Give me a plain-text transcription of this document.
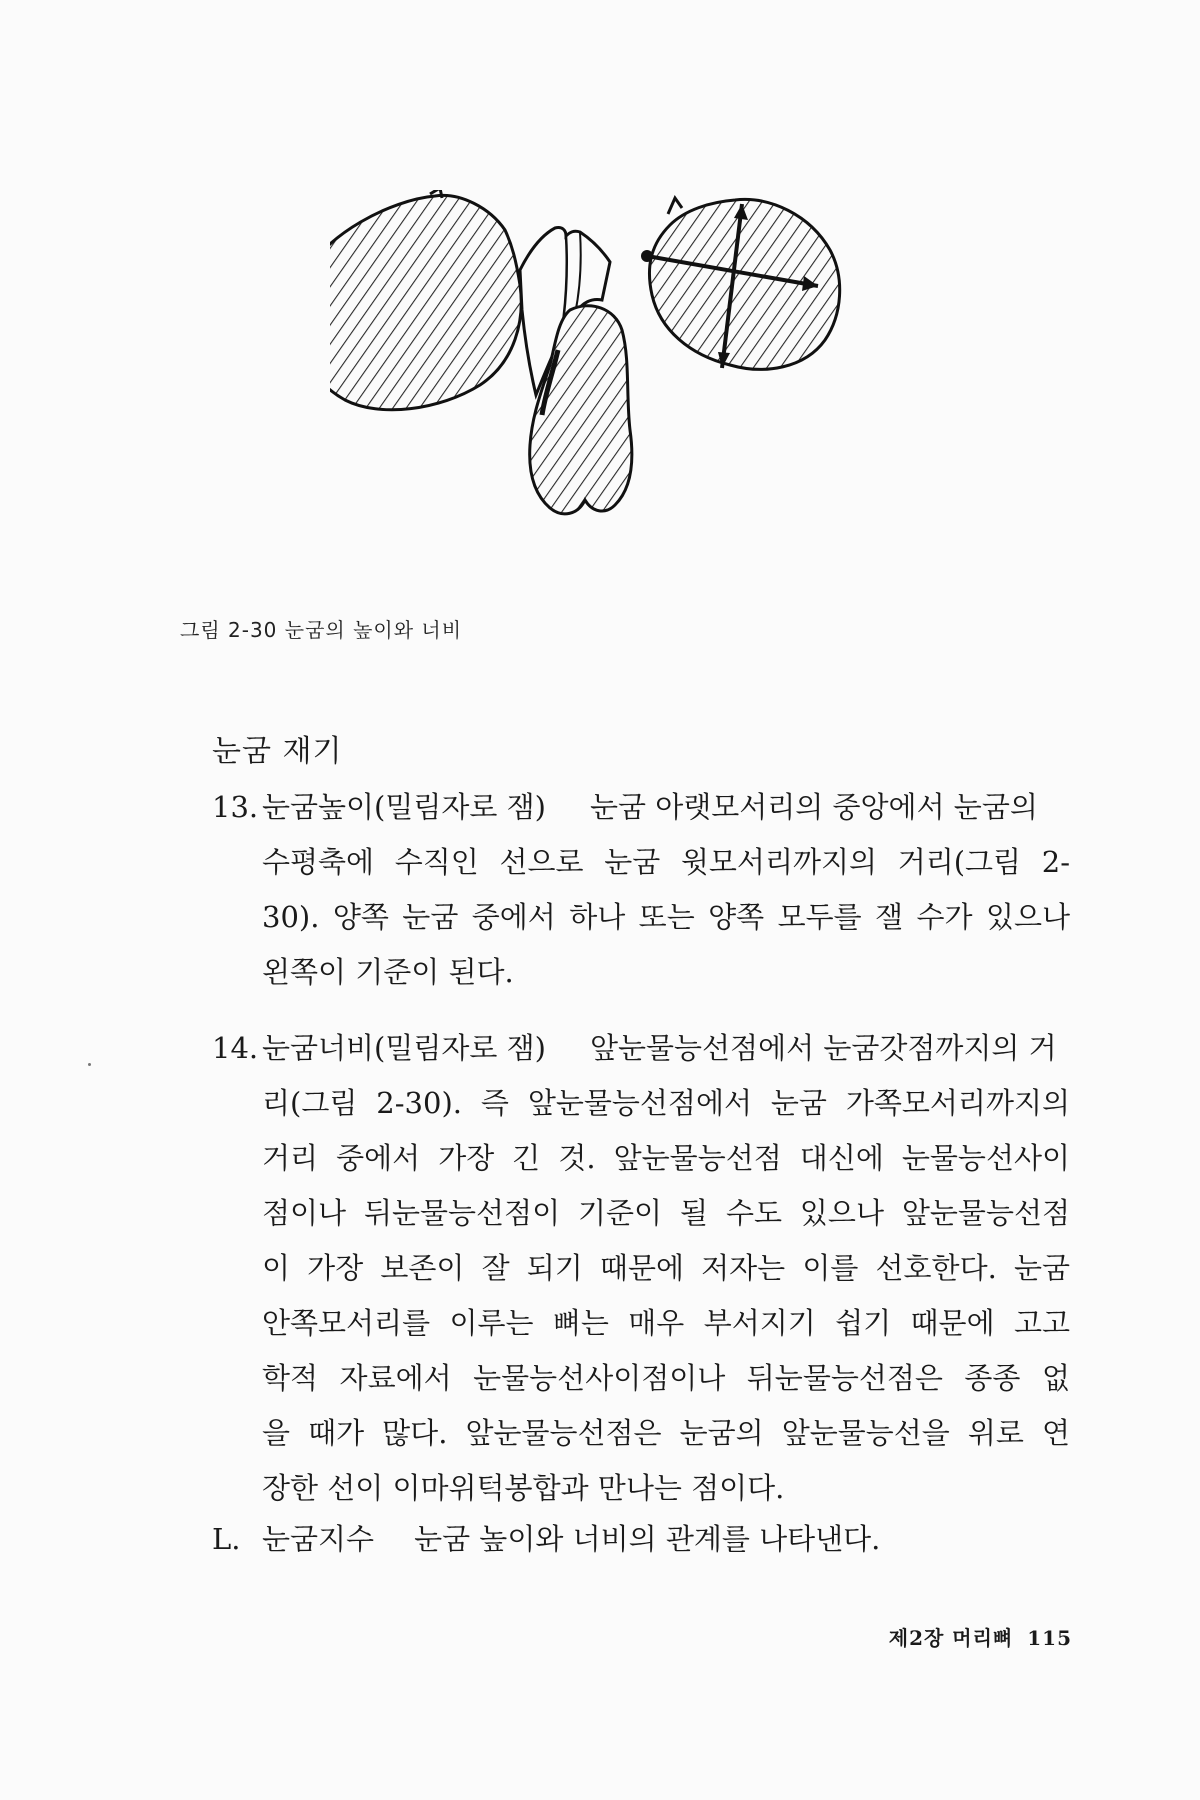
그림 2-30 눈굼의 높이와 너비
눈굼 재기
13. 눈굼높이(밀림자로 잼) 눈굼 아랫모서리의 중앙에서 눈굼의
수평축에 수직인 선으로 눈굼 윗모서리까지의 거리(그림 2-
30). 양쪽 눈굼 중에서 하나 또는 양쪽 모두를 잴 수가 있으나
왼쪽이 기준이 된다.
14. 눈굼너비(밀림자로 잼) 앞눈물능선점에서 눈굼갓점까지의 거
리(그림 2-30). 즉 앞눈물능선점에서 눈굼 가쪽모서리까지의
거리 중에서 가장 긴 것. 앞눈물능선점 대신에 눈물능선사이
점이나 뒤눈물능선점이 기준이 될 수도 있으나 앞눈물능선점
이 가장 보존이 잘 되기 때문에 저자는 이를 선호한다. 눈굼
안쪽모서리를 이루는 뼈는 매우 부서지기 쉽기 때문에 고고
학적 자료에서 눈물능선사이점이나 뒤눈물능선점은 종종 없
을 때가 많다. 앞눈물능선점은 눈굼의 앞눈물능선을 위로 연
장한 선이 이마위턱봉합과 만나는 점이다.
L. 눈굼지수 눈굼 높이와 너비의 관계를 나타낸다.
제2장 머리뼈 115
